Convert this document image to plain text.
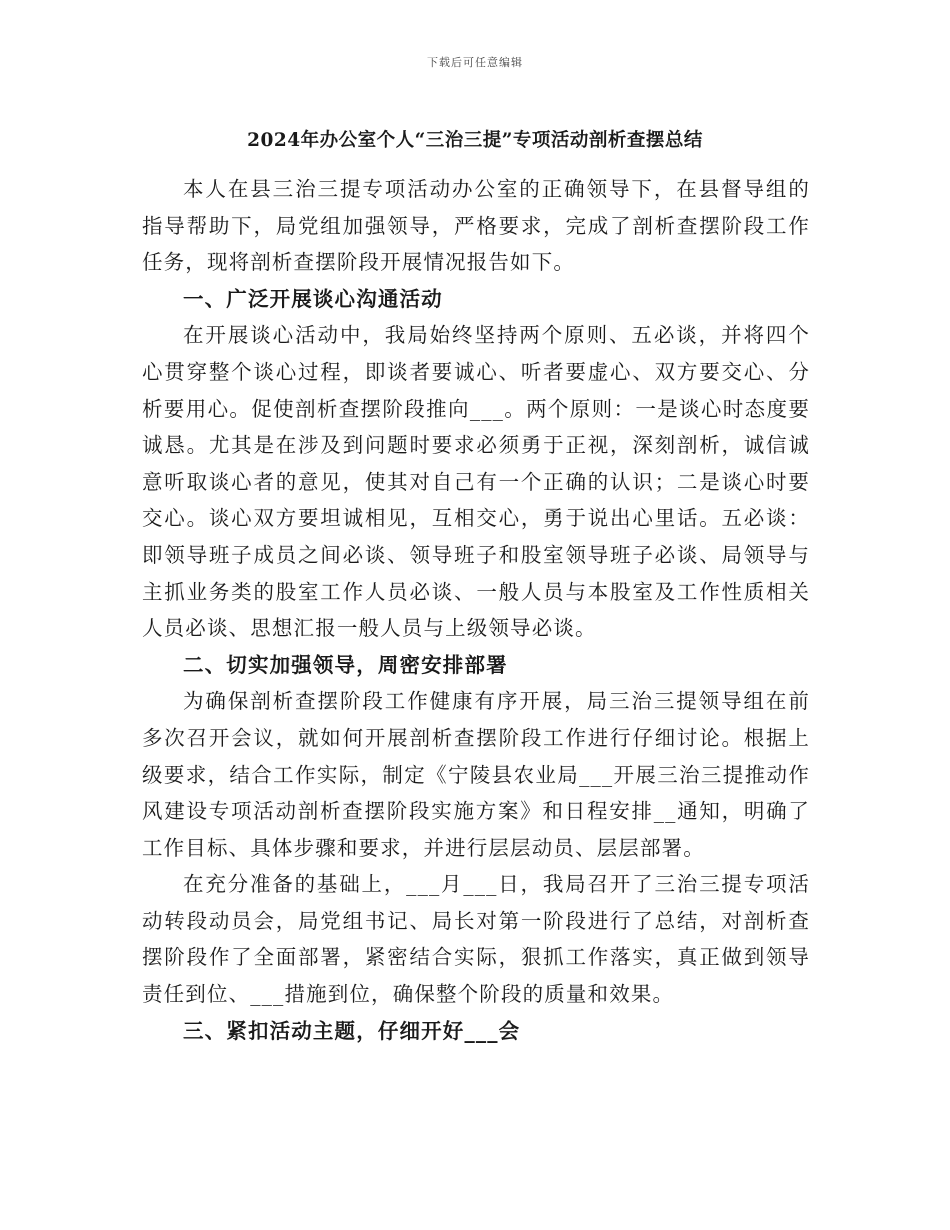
下载后可任意编辑
2024年办公室个人“三治三提”专项活动剖析查摆总结

本人在县三治三提专项活动办公室的正确领导下，在县督导组的指导帮助下，局党组加强领导，严格要求，完成了剖析查摆阶段工作任务，现将剖析查摆阶段开展情况报告如下。

一、广泛开展谈心沟通活动

在开展谈心活动中，我局始终坚持两个原则、五必谈，并将四个心贯穿整个谈心过程，即谈者要诚心、听者要虚心、双方要交心、分析要用心。促使剖析查摆阶段推向___。两个原则：一是谈心时态度要诚恳。尤其是在涉及到问题时要求必须勇于正视，深刻剖析，诚信诚意听取谈心者的意见，使其对自己有一个正确的认识；二是谈心时要交心。谈心双方要坦诚相见，互相交心，勇于说出心里话。五必谈：即领导班子成员之间必谈、领导班子和股室领导班子必谈、局领导与主抓业务类的股室工作人员必谈、一般人员与本股室及工作性质相关人员必谈、思想汇报一般人员与上级领导必谈。

二、切实加强领导，周密安排部署

为确保剖析查摆阶段工作健康有序开展，局三治三提领导组在前多次召开会议，就如何开展剖析查摆阶段工作进行仔细讨论。根据上级要求，结合工作实际，制定《宁陵县农业局___开展三治三提推动作风建设专项活动剖析查摆阶段实施方案》和日程安排__通知，明确了工作目标、具体步骤和要求，并进行层层动员、层层部署。

在充分准备的基础上，___月___日，我局召开了三治三提专项活动转段动员会，局党组书记、局长对第一阶段进行了总结，对剖析查摆阶段作了全面部署，紧密结合实际，狠抓工作落实，真正做到领导责任到位、___措施到位，确保整个阶段的质量和效果。

三、紧扣活动主题，仔细开好___会
